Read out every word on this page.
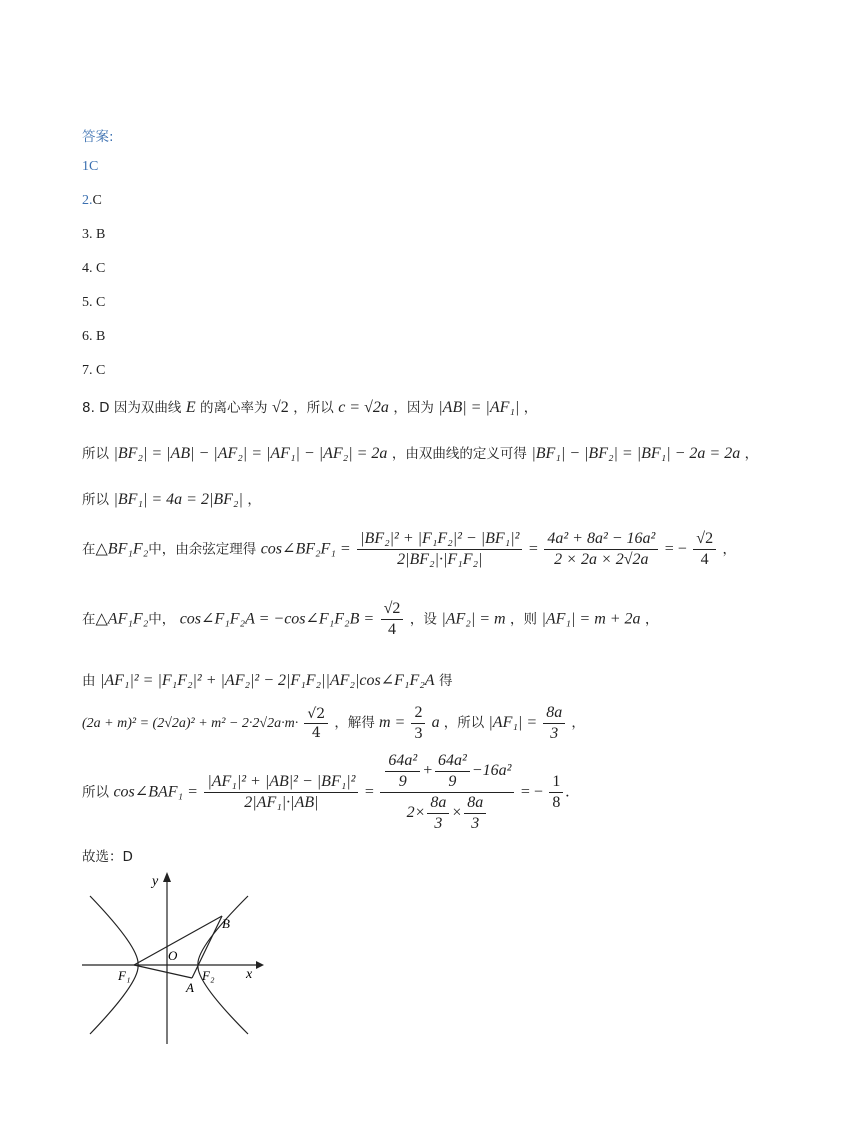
答案:
1C
2.C
3. B
4. C
5. C
6. B
7. C
8. D 因为双曲线 E 的离心率为 √2 ，所以 c = √2a ，因为 |AB| = |AF₁| ，
所以 |BF₂| = |AB| − |AF₂| = |AF₁| − |AF₂| = 2a ，由双曲线的定义可得 |BF₁| − |BF₂| = |BF₁| − 2a = 2a ，
所以 |BF₁| = 4a = 2|BF₂| ，
在△BF₁F₂中，由余弦定理得 cos∠BF₂F₁ = $\frac{\text{|BF₂|² + |F₁F₂|² − |BF₁|²}}{\text{2|BF₂|·|F₁F₂|}} = \frac{\text{4a² + 8a² − 16a²}}{2 \times 2a \times 2√2a}$ = − $\frac{√2}{4}$ ，
在△AF₁F₂中， cos∠F₁F₂A = −cos∠F₁F₂B = $\frac{√2}{4}$ ，设 |AF₂| = m ，则 |AF₁| = m + 2a ，
由 |AF₁|² = |F₁F₂|² + |AF₂|² − 2|F₁F₂||AF₂|cos∠F₁F₂A 得
$(2a + m)^2 = (2√2a)^2 + m^2 - 2\cdot 2√2a\cdot m\cdot \frac{√2}{4}$ ，解得 $m = \frac{2}{3}$ a ，所以 $|AF_1| = \frac{8a}{3}$ ，
所以 cos∠BAF₁ = $\frac{\text{|AF₁|² + |AB|² − |BF₁|²}}{\text{2|AF₁|·|AB|}} = \frac{\frac{\text{64a²}}{9} + \frac{\text{64a²}}{9} -16a^2}{2\times \frac{8a}{3} \times \frac{8a}{3}}$ = − $\frac{1}{8}$ .
故选：D
y
x
O
B
F₁	F₂
A
